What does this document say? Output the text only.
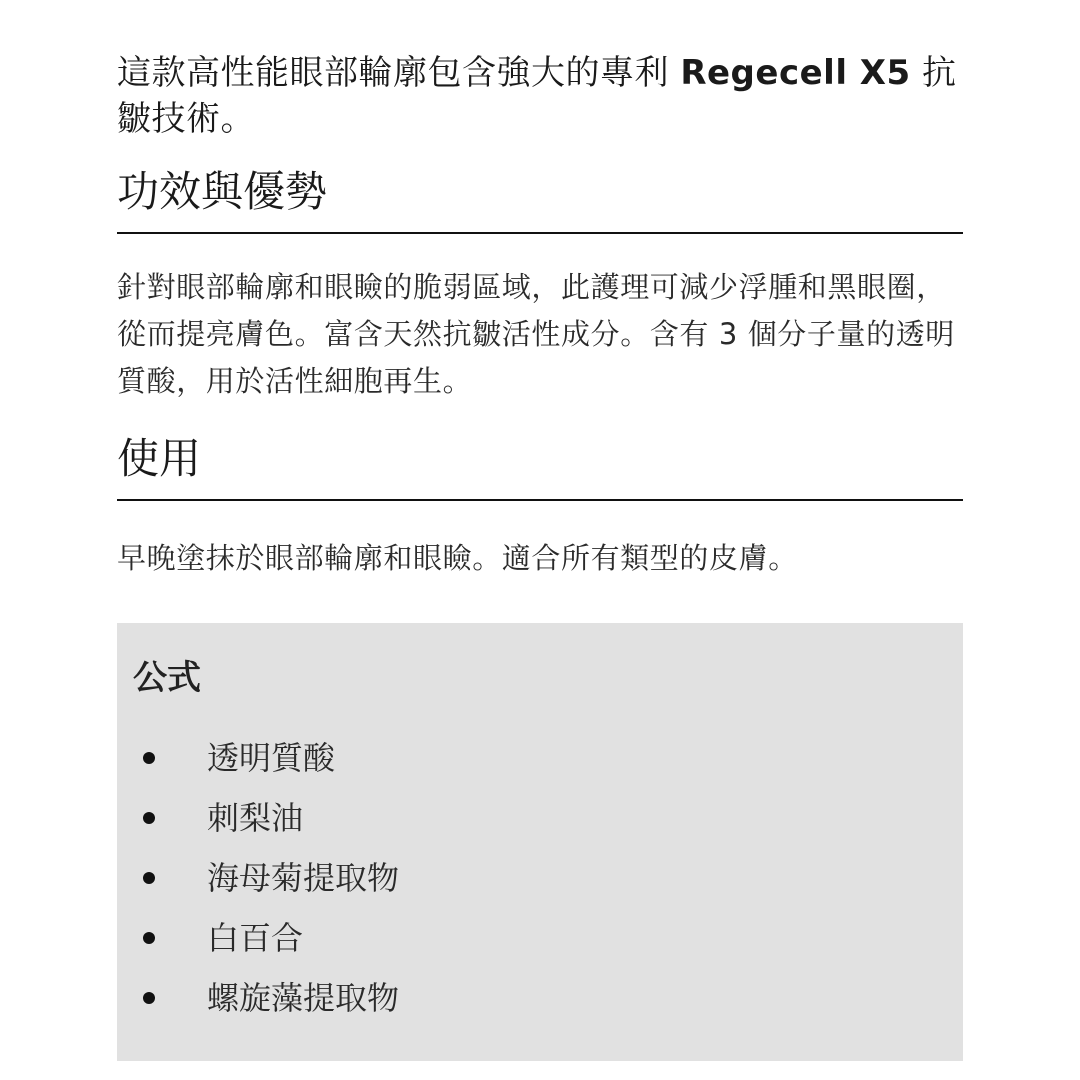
這款高性能眼部輪廓包含強大的專利 Regecell X5 抗皺技術。

功效與優勢

針對眼部輪廓和眼瞼的脆弱區域，此護理可減少浮腫和黑眼圈，從而提亮膚色。富含天然抗皺活性成分。含有 3 個分子量的透明質酸，用於活性細胞再生。

使用

早晚塗抹於眼部輪廓和眼瞼。適合所有類型的皮膚。

公式
透明質酸
刺梨油
海母菊提取物
白百合
螺旋藻提取物
